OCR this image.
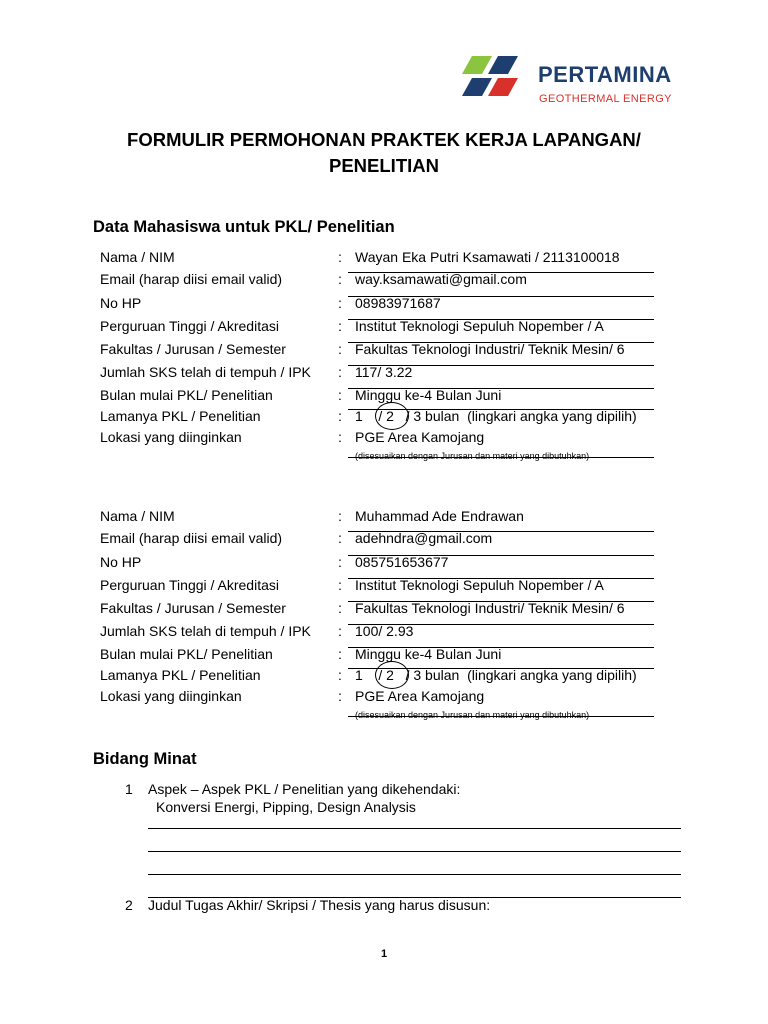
PERTAMINA
GEOTHERMAL ENERGY
FORMULIR PERMOHONAN PRAKTEK KERJA LAPANGAN/
PENELITIAN
Data Mahasiswa untuk PKL/ Penelitian
Nama / NIM	: Wayan Eka Putri Ksamawati / 2113100018
Email (harap diisi email valid)	: way.ksamawati@gmail.com
No HP	: 08983971687
Perguruan Tinggi / Akreditasi	: Institut Teknologi Sepuluh Nopember / A
Fakultas / Jurusan / Semester	: Fakultas Teknologi Industri/ Teknik Mesin/ 6
Jumlah SKS telah di tempuh / IPK : 117/ 3.22
Bulan mulai PKL/ Penelitian	: Minggu ke-4 Bulan Juni
Lamanya PKL / Penelitian	: 1    / 2   / 3 bulan  (lingkari angka yang dipilih)
Lokasi yang diinginkan	: PGE Area Kamojang
(disesuaikan dengan Jurusan dan materi yang dibutuhkan)
Nama / NIM	: Muhammad Ade Endrawan
Email (harap diisi email valid)	: adehndra@gmail.com
No HP	: 085751653677
Perguruan Tinggi / Akreditasi	: Institut Teknologi Sepuluh Nopember / A
Fakultas / Jurusan / Semester	: Fakultas Teknologi Industri/ Teknik Mesin/ 6
Jumlah SKS telah di tempuh / IPK : 100/ 2.93
Bulan mulai PKL/ Penelitian	: Minggu ke-4 Bulan Juni
Lamanya PKL / Penelitian	: 1    / 2   / 3 bulan  (lingkari angka yang dipilih)
Lokasi yang diinginkan	: PGE Area Kamojang
(disesuaikan dengan Jurusan dan materi yang dibutuhkan)
Bidang Minat
1 Aspek – Aspek PKL / Penelitian yang dikehendaki:
Konversi Energi, Pipping, Design Analysis
2 Judul Tugas Akhir/ Skripsi / Thesis yang harus disusun:
1
